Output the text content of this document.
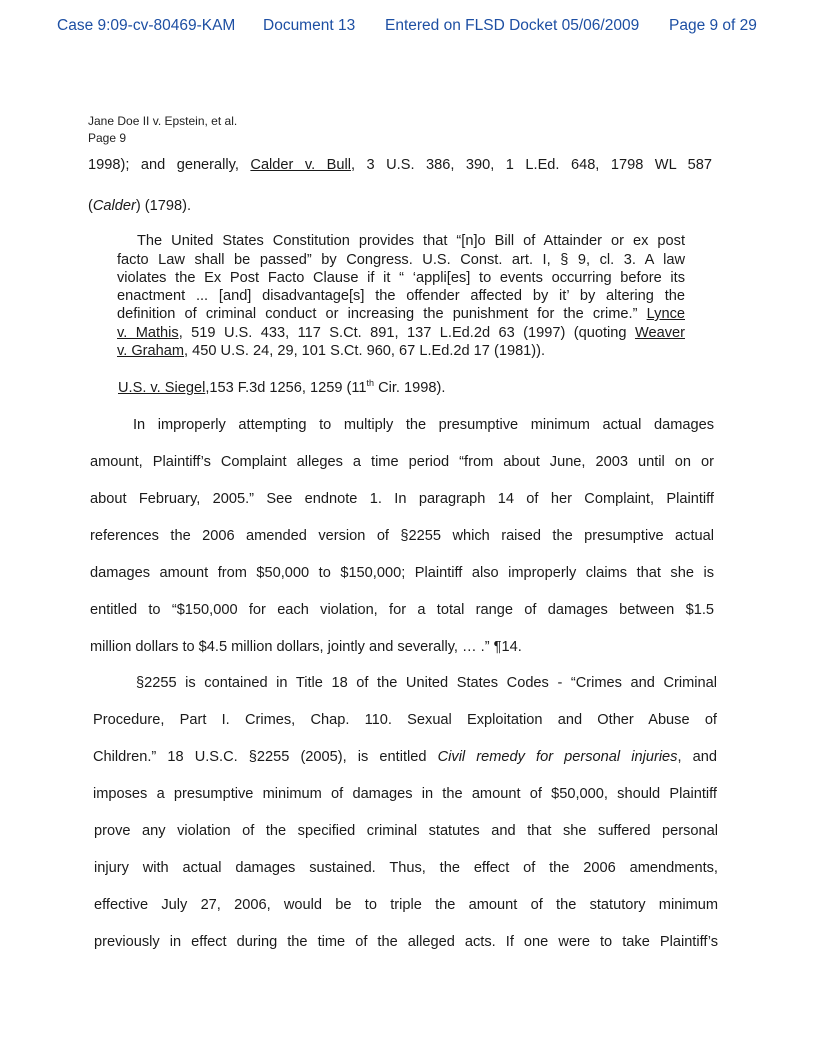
Case 9:09-cv-80469-KAM Document 13 Entered on FLSD Docket 05/06/2009 Page 9 of 29
Jane Doe II v. Epstein, et al.
Page 9
1998); and generally, Calder v. Bull, 3 U.S. 386, 390, 1 L.Ed. 648, 1798 WL 587
(Calder) (1798).
The United States Constitution provides that “[n]o Bill of Attainder or ex post
facto Law shall be passed” by Congress. U.S. Const. art. I, § 9, cl. 3. A law
violates the Ex Post Facto Clause if it “ ‘appli[es] to events occurring before its
enactment ... [and] disadvantage[s] the offender affected by it’ by altering the
definition of criminal conduct or increasing the punishment for the crime.” Lynce
v. Mathis, 519 U.S. 433, 117 S.Ct. 891, 137 L.Ed.2d 63 (1997) (quoting Weaver
v. Graham, 450 U.S. 24, 29, 101 S.Ct. 960, 67 L.Ed.2d 17 (1981)).
U.S. v. Siegel,153 F.3d 1256, 1259 (11th Cir. 1998).
In improperly attempting to multiply the presumptive minimum actual damages
amount, Plaintiff’s Complaint alleges a time period “from about June, 2003 until on or
about February, 2005.” See endnote 1. In paragraph 14 of her Complaint, Plaintiff
references the 2006 amended version of §2255 which raised the presumptive actual
damages amount from $50,000 to $150,000; Plaintiff also improperly claims that she is
entitled to “$150,000 for each violation, for a total range of damages between $1.5
million dollars to $4.5 million dollars, jointly and severally, … .” ¶14.
§2255 is contained in Title 18 of the United States Codes - “Crimes and Criminal
Procedure, Part I. Crimes, Chap. 110. Sexual Exploitation and Other Abuse of
Children.” 18 U.S.C. §2255 (2005), is entitled Civil remedy for personal injuries, and
imposes a presumptive minimum of damages in the amount of $50,000, should Plaintiff
prove any violation of the specified criminal statutes and that she suffered personal
injury with actual damages sustained. Thus, the effect of the 2006 amendments,
effective July 27, 2006, would be to triple the amount of the statutory minimum
previously in effect during the time of the alleged acts. If one were to take Plaintiff’s
